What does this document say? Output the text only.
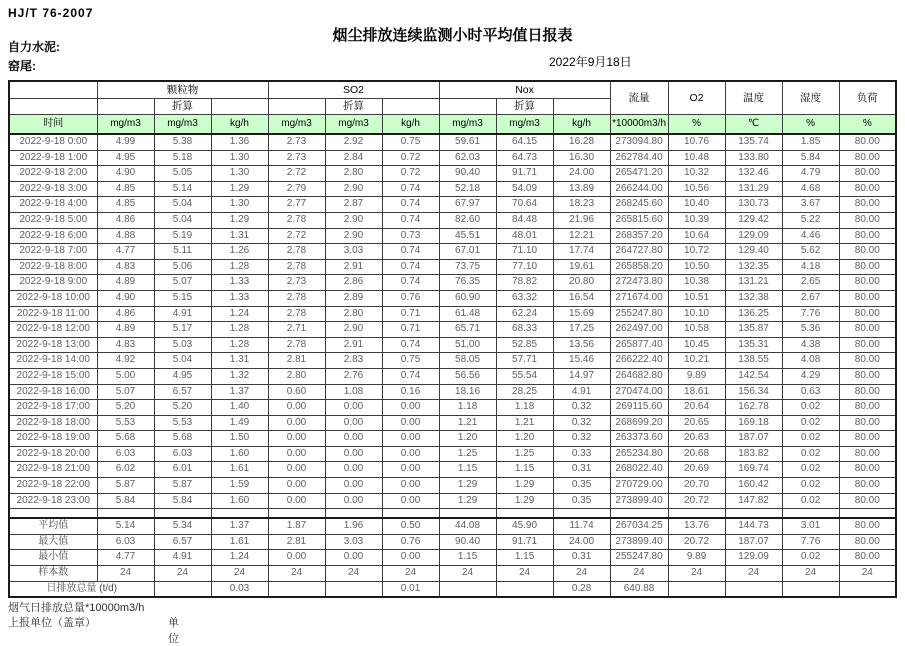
HJ/T 76-2007
烟尘排放连续监测小时平均值日报表
自力水泥:
窑尾:	2022年9月18日
	颗粒物			SO2			Nox			流量	O2	温度	湿度	负荷
		折算			折算			折算						
时间	mg/m3	mg/m3	kg/h	mg/m3	mg/m3	kg/h	mg/m3	mg/m3	kg/h	*10000m3/h	%	℃	%	%
2022-9-18 0:00	4.99	5.38	1.36	2.73	2.92	0.75	59.61	64.15	16.28	273094.80	10.76	135.74	1.85	80.00
2022-9-18 1:00	4.95	5.18	1.30	2.73	2.84	0.72	62.03	64.73	16.30	262784.40	10.48	133.80	5.84	80.00
2022-9-18 2:00	4.90	5.05	1.30	2.72	2.80	0.72	90.40	91.71	24.00	265471.20	10.32	132.46	4.79	80.00
2022-9-18 3:00	4.85	5.14	1.29	2.79	2.90	0.74	52.18	54.09	13.89	266244.00	10.56	131.29	4.68	80.00
2022-9-18 4:00	4.85	5.04	1.30	2.77	2.87	0.74	67.97	70.64	18.23	268245.60	10.40	130.73	3.67	80.00
2022-9-18 5:00	4.86	5.04	1.29	2.78	2.90	0.74	82.60	84.48	21.96	265815.60	10.39	129.42	5.22	80.00
2022-9-18 6:00	4.88	5.19	1.31	2.72	2.90	0.73	45.51	48.01	12.21	268357.20	10.64	129.09	4.46	80.00
2022-9-18 7:00	4.77	5.11	1.26	2.78	3.03	0.74	67.01	71.10	17.74	264727.80	10.72	129.40	5.62	80.00
2022-9-18 8:00	4.83	5.06	1.28	2.78	2.91	0.74	73.75	77.10	19.61	265858.20	10.50	132.35	4.18	80.00
2022-9-18 9:00	4.89	5.07	1.33	2.73	2.86	0.74	76.35	78.82	20.80	272473.80	10.38	131.21	2.65	80.00
2022-9-18 10:00	4.90	5.15	1.33	2.78	2.89	0.76	60.90	63.32	16.54	271674.00	10.51	132.38	2.67	80.00
2022-9-18 11:00	4.86	4.91	1.24	2.78	2.80	0.71	61.48	62.24	15.69	255247.80	10.10	136.25	7.76	80.00
2022-9-18 12:00	4.89	5.17	1.28	2.71	2.90	0.71	65.71	68.33	17.25	262497.00	10.58	135.87	5.36	80.00
2022-9-18 13:00	4.83	5.03	1.28	2.78	2.91	0.74	51.00	52.85	13.56	265877.40	10.45	135.31	4.38	80.00
2022-9-18 14:00	4.92	5.04	1.31	2.81	2.83	0.75	58.05	57.71	15.46	266222.40	10.21	138.55	4.08	80.00
2022-9-18 15:00	5.00	4.95	1.32	2.80	2.76	0.74	56.56	55.54	14.97	264682.80	9.89	142.54	4.29	80.00
2022-9-18 16:00	5.07	6.57	1.37	0.60	1.08	0.16	18.16	28.25	4.91	270474.00	18.61	156.34	0.63	80.00
2022-9-18 17:00	5.20	5.20	1.40	0.00	0.00	0.00	1.18	1.18	0.32	269115.60	20.64	162.78	0.02	80.00
2022-9-18 18:00	5.53	5.53	1.49	0.00	0.00	0.00	1.21	1.21	0.32	268699.20	20.65	169.18	0.02	80.00
2022-9-18 19:00	5.68	5.68	1.50	0.00	0.00	0.00	1.20	1.20	0.32	263373.60	20.63	187.07	0.02	80.00
2022-9-18 20:00	6.03	6.03	1.60	0.00	0.00	0.00	1.25	1.25	0.33	265234.80	20.68	183.82	0.02	80.00
2022-9-18 21:00	6.02	6.01	1.61	0.00	0.00	0.00	1.15	1.15	0.31	268022.40	20.69	169.74	0.02	80.00
2022-9-18 22:00	5.87	5.87	1.59	0.00	0.00	0.00	1.29	1.29	0.35	270729.00	20.70	160.42	0.02	80.00
2022-9-18 23:00	5.84	5.84	1.60	0.00	0.00	0.00	1.29	1.29	0.35	273899.40	20.72	147.82	0.02	80.00

平均值	5.14	5.34	1.37	1.87	1.96	0.50	44.08	45.90	11.74	267034.25	13.76	144.73	3.01	80.00
最大值	6.03	6.57	1.61	2.81	3.03	0.76	90.40	91.71	24.00	273899.40	20.72	187.07	7.76	80.00
最小值	4.77	4.91	1.24	0.00	0.00	0.00	1.15	1.15	0.31	255247.80	9.89	129.09	0.02	80.00
样本数	24	24	24	24	24	24	24	24	24	24	24	24	24	24
日排放总量 (t/d)			0.03			0.01			0.28	640.88				
烟气日排放总量*10000m3/h
上报单位（盖章）	单位
